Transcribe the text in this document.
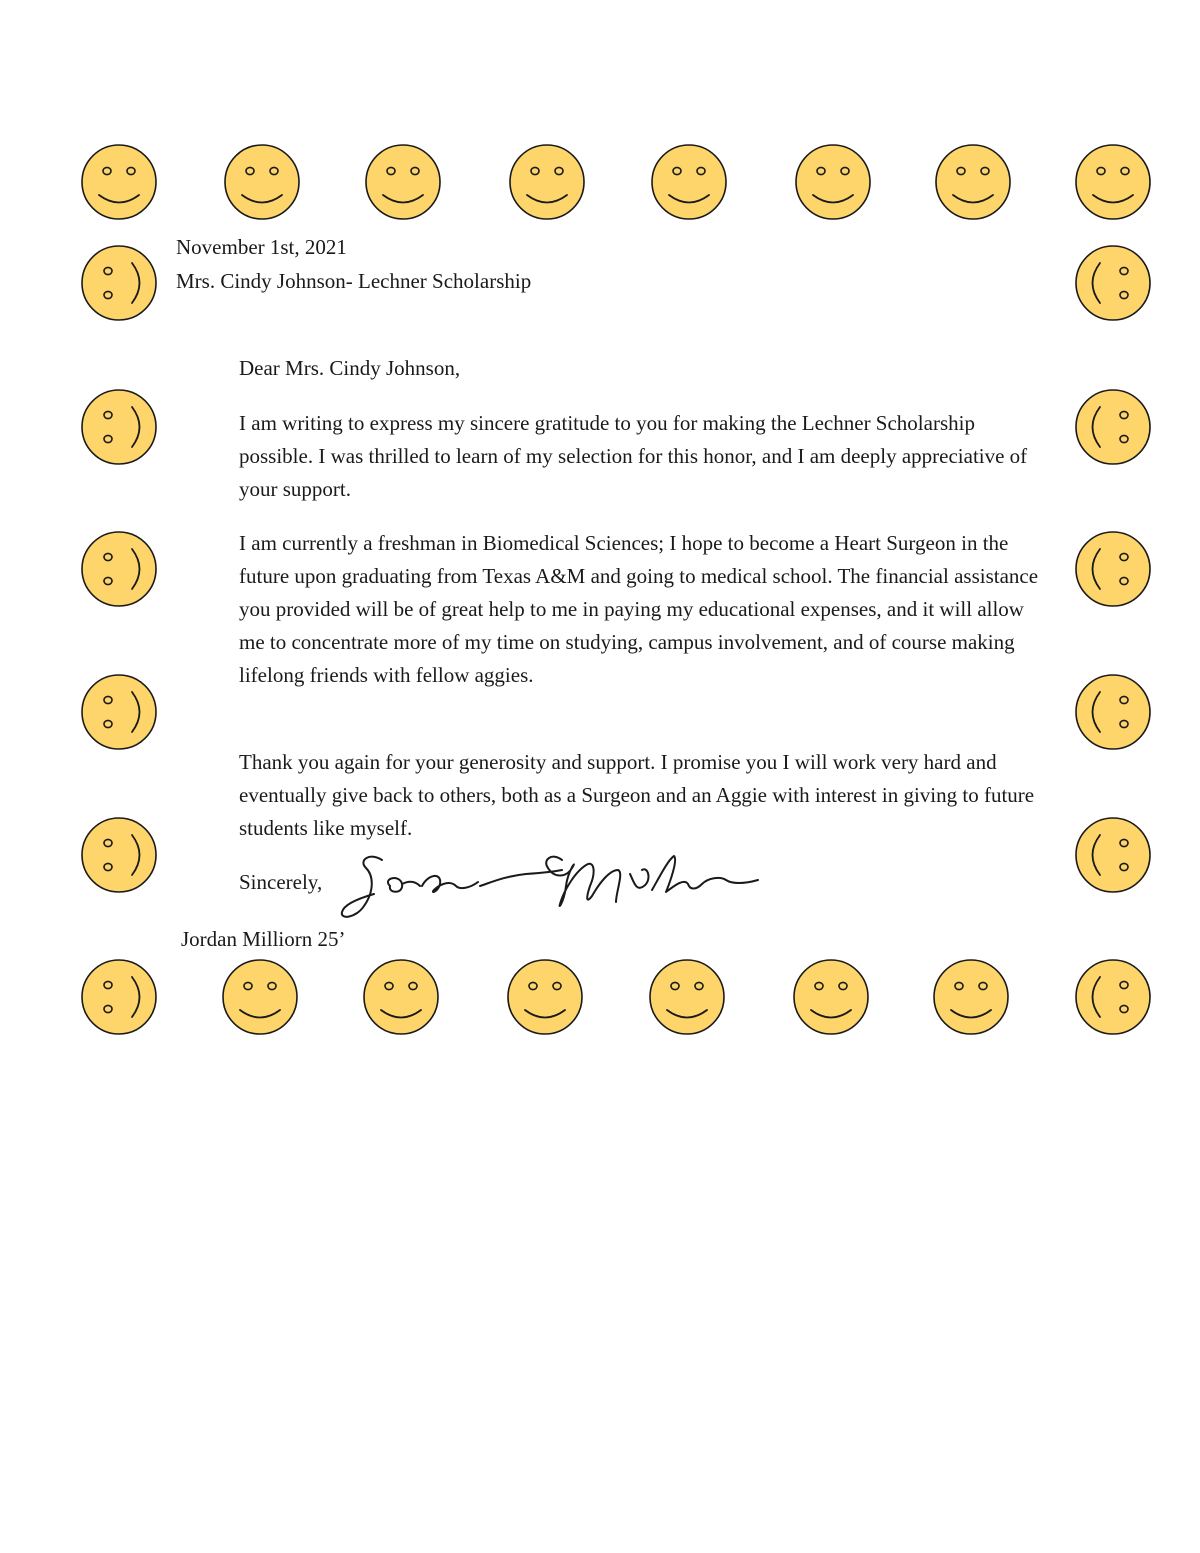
November 1st, 2021

Mrs. Cindy Johnson- Lechner Scholarship

Dear Mrs. Cindy Johnson,

I am writing to express my sincere gratitude to you for making the Lechner Scholarship possible. I was thrilled to learn of my selection for this honor, and I am deeply appreciative of your support.

I am currently a freshman in Biomedical Sciences; I hope to become a Heart Surgeon in the future upon graduating from Texas A&M and going to medical school. The financial assistance you provided will be of great help to me in paying my educational expenses, and it will allow me to concentrate more of my time on studying, campus involvement, and of course making lifelong friends with fellow aggies.

Thank you again for your generosity and support. I promise you I will work very hard and eventually give back to others, both as a Surgeon and an Aggie with interest in giving to future students like myself.

Sincerely,

Jordan Milliorn 25’
